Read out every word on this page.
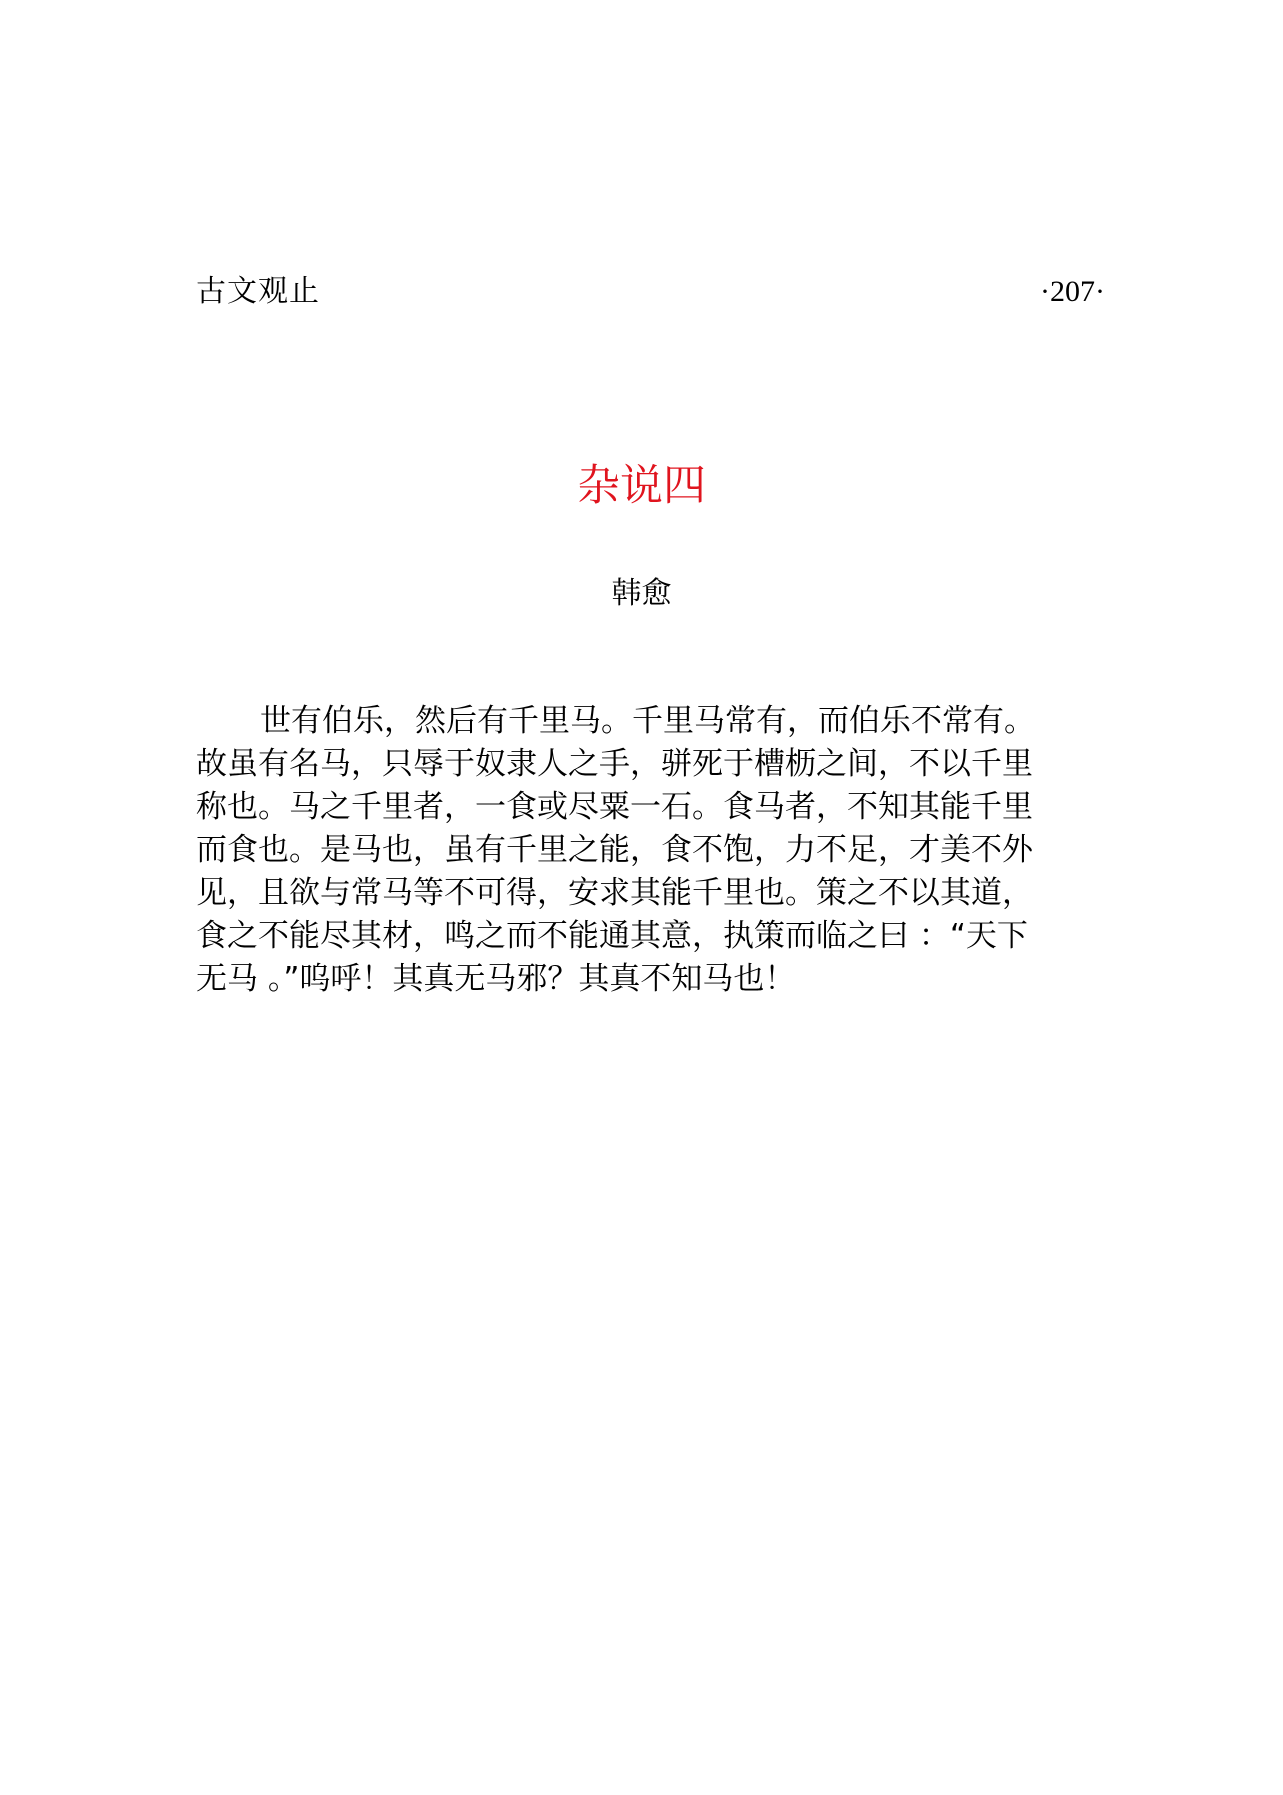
古文观止	·207·
杂说四
韩愈
世有伯乐，然后有千里马。千里马常有，而伯乐不常有。
故虽有名马，只辱于奴隶人之手，骈死于槽枥之间，不以千里
称也。马之千里者，一食或尽粟一石。食马者，不知其能千里
而食也。是马也，虽有千里之能，食不饱，力不足，才美不外
见，且欲与常马等不可得，安求其能千里也。策之不以其道，
食之不能尽其材，鸣之而不能通其意，执策而临之曰 ：“天下
无马 。”呜呼！其真无马邪？其真不知马也！
